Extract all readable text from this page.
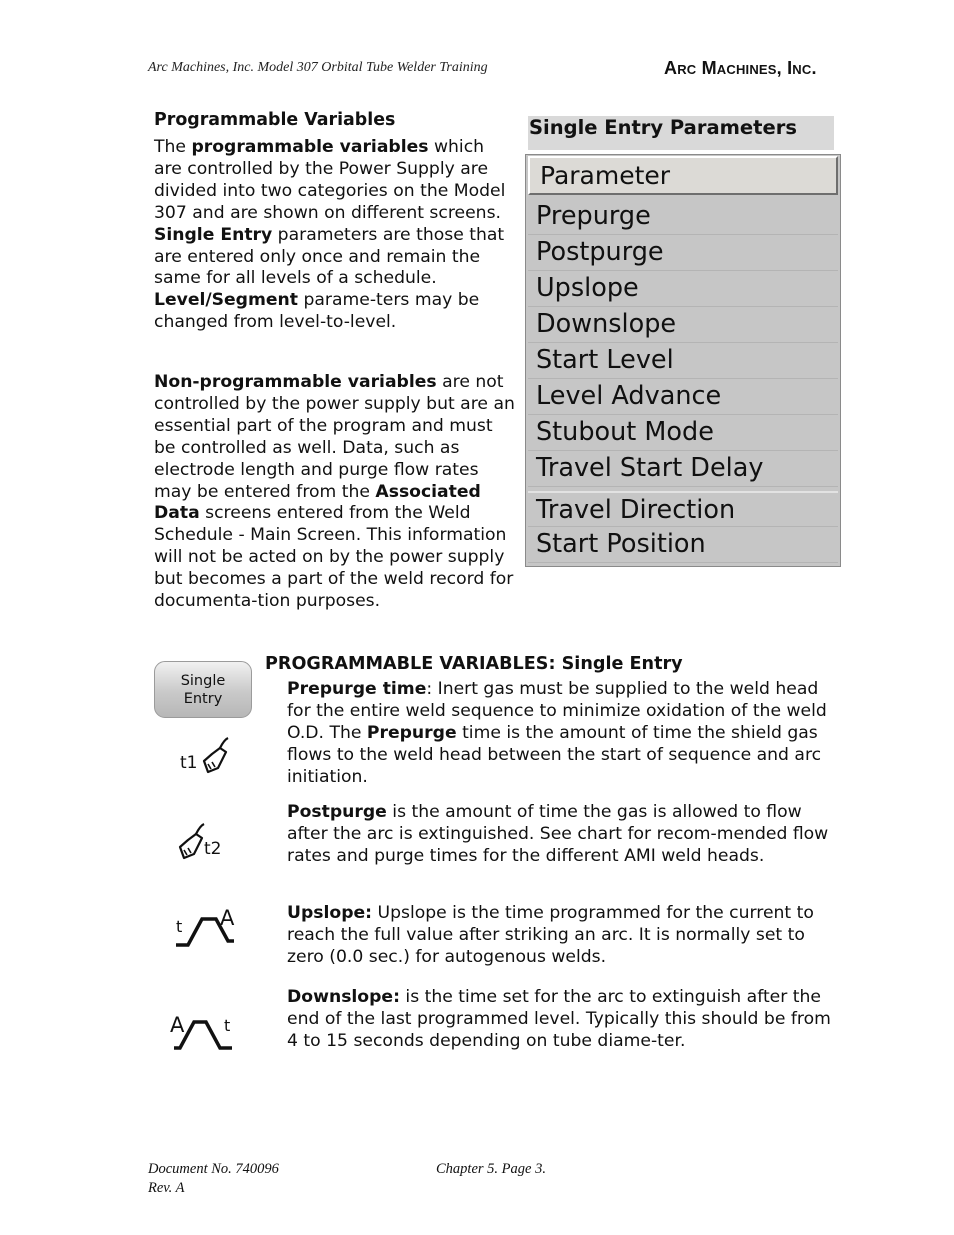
Arc Machines, Inc. Model 307 Orbital Tube Welder Training	Arc Machines, Inc.
Programmable Variables
The programmable variables which are controlled by the Power Supply are divided into two categories on the Model 307 and are shown on different screens. Single Entry parameters are those that are entered only once and remain the same for all levels of a schedule. Level/Segment parame-ters may be changed from level-to-level.
Non-programmable variables are not controlled by the power supply but are an essential part of the program and must be controlled as well. Data, such as electrode length and purge flow rates may be entered from the Associated Data screens entered from the Weld Schedule - Main Screen. This information will not be acted on by the power supply but becomes a part of the weld record for documenta-tion purposes.
Single Entry Parameters
Parameter
Prepurge
Postpurge
Upslope
Downslope
Start Level
Level Advance
Stubout Mode
Travel Start Delay
Travel Direction
Start Position
Single
Entry
PROGRAMMABLE VARIABLES: Single Entry
Prepurge time: Inert gas must be supplied to the weld head for the entire weld sequence to minimize oxidation of the weld O.D. The Prepurge time is the amount of time the shield gas flows to the weld head between the start of sequence and arc initiation.
Postpurge is the amount of time the gas is allowed to flow after the arc is extinguished. See chart for recom-mended flow rates and purge times for the different AMI weld heads.
Upslope: Upslope is the time programmed for the current to reach the full value after striking an arc. It is normally set to zero (0.0 sec.) for autogenous welds.
Downslope: is the time set for the arc to extinguish after the end of the last programmed level. Typically this should be from 4 to 15 seconds depending on tube diame-ter.
t1
t2
t A
A t
Document No. 740096
Rev. A
Chapter 5. Page 3.
